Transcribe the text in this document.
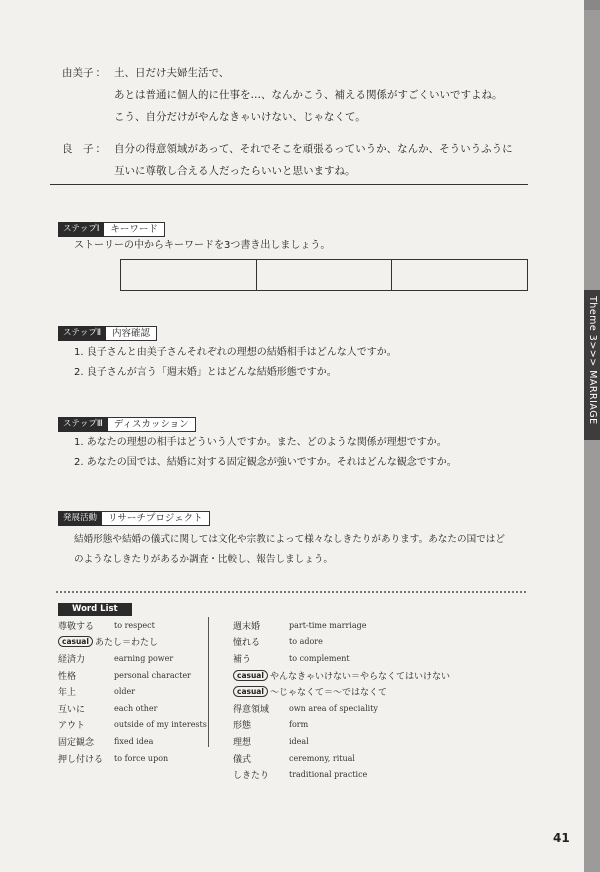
由美子 ： 土、日だけ夫婦生活で、
あとは普通に個人的に仕事を…、なんかこう、補える関係がすごくいいですよね。
こう、自分だけがやんなきゃいけない、じゃなくて。
良　子 ： 自分の得意領域があって、それでそこを頑張るっていうか、なんか、そういうふうに
互いに尊敬し合える人だったらいいと思いますね。
ステップⅠ	キーワード
ストーリーの中からキーワードを3つ書き出しましょう。
ステップⅡ	内容確認
1. 良子さんと由美子さんそれぞれの理想の結婚相手はどんな人ですか。
2. 良子さんが言う「週末婚」とはどんな結婚形態ですか。
ステップⅢ	ディスカッション
1. あなたの理想の相手はどういう人ですか。また、どのような関係が理想ですか。
2. あなたの国では、結婚に対する固定観念が強いですか。それはどんな観念ですか。
発展活動	リサーチプロジェクト
結婚形態や結婚の儀式に関しては文化や宗教によって様々なしきたりがあります。あなたの国ではど
のようなしきたりがあるか調査・比較し、報告しましょう。
Word List
尊敬する	to respect
casual あたし＝わたし
経済力	earning power
性格	personal character
年上	older
互いに	each other
アウト	outside of my interests
固定観念	fixed idea
押し付ける	to force upon
週末婚	part-time marriage
憧れる	to adore
補う	to complement
casual やんなきゃいけない＝やらなくてはいけない
casual 〜じゃなくて＝〜ではなくて
得意領域	own area of speciality
形態	form
理想	ideal
儀式	ceremony, ritual
しきたり	traditional practice
Theme 3>>> MARRIAGE
41
